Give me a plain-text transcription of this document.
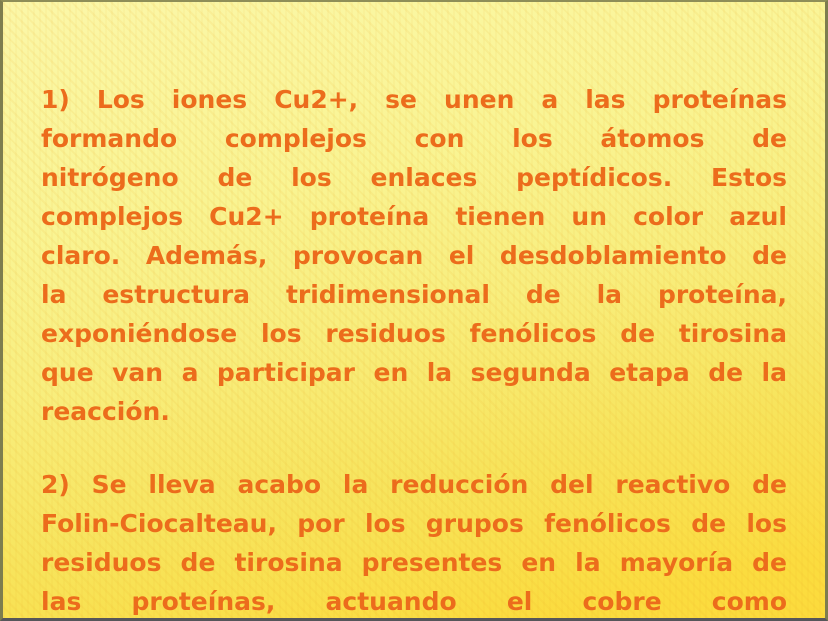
1) Los iones Cu2+, se unen a las proteínas
formando complejos con los átomos de
nitrógeno de los enlaces peptídicos. Estos
complejos Cu2+ proteína tienen un color azul
claro. Además, provocan el desdoblamiento de
la estructura tridimensional de la proteína,
exponiéndose los residuos fenólicos de tirosina
que van a participar en la segunda etapa de la
reacción.
2) Se lleva acabo la reducción del reactivo de
Folin-Ciocalteau, por los grupos fenólicos de los
residuos de tirosina presentes en la mayoría de
las proteínas, actuando el cobre como
